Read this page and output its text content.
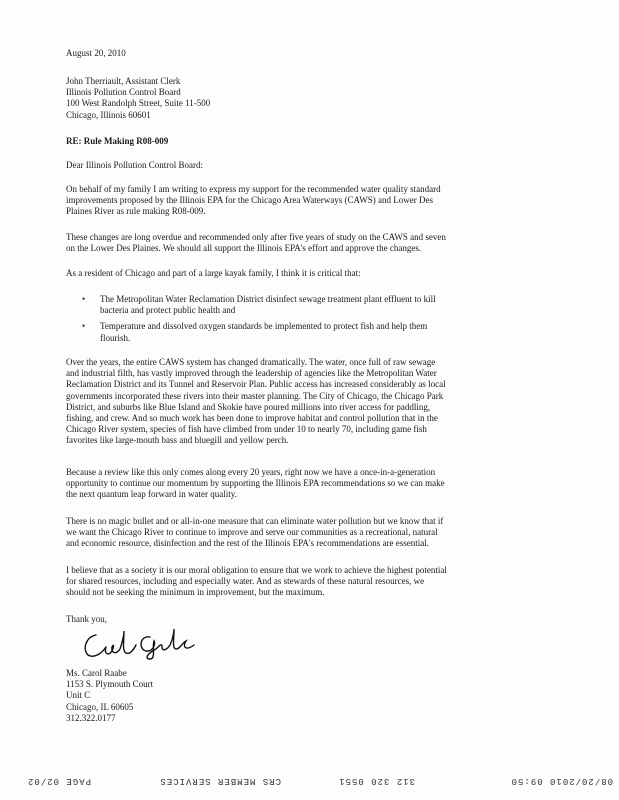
August 20, 2010
John Therriault, Assistant Clerk
Illinois Pollution Control Board
100 West Randolph Street, Suite 11-500
Chicago, Illinois 60601
RE: Rule Making R08-009
Dear Illinois Pollution Control Board:
On behalf of my family I am writing to express my support for the recommended water quality standard
improvements proposed by the Illinois EPA for the Chicago Area Waterways (CAWS) and Lower Des
Plaines River as rule making R08-009.
These changes are long overdue and recommended only after five years of study on the CAWS and seven
on the Lower Des Plaines. We should all support the Illinois EPA's effort and approve the changes.
As a resident of Chicago and part of a large kayak family, I think it is critical that:
• The Metropolitan Water Reclamation District disinfect sewage treatment plant effluent to kill
bacteria and protect public health and
• Temperature and dissolved oxygen standards be implemented to protect fish and help them
flourish.
Over the years, the entire CAWS system has changed dramatically. The water, once full of raw sewage
and industrial filth, has vastly improved through the leadership of agencies like the Metropolitan Water
Reclamation District and its Tunnel and Reservoir Plan. Public access has increased considerably as local
governments incorporated these rivers into their master planning. The City of Chicago, the Chicago Park
District, and suburbs like Blue Island and Skokie have poured millions into river access for paddling,
fishing, and crew. And so much work has been done to improve habitat and control pollution that in the
Chicago River system, species of fish have climbed from under 10 to nearly 70, including game fish
favorites like large-mouth bass and bluegill and yellow perch.
Because a review like this only comes along every 20 years, right now we have a once-in-a-generation
opportunity to continue our momentum by supporting the Illinois EPA recommendations so we can make
the next quantum leap forward in water quality.
There is no magic bullet and or all-in-one measure that can eliminate water pollution but we know that if
we want the Chicago River to continue to improve and serve our communities as a recreational, natural
and economic resource, disinfection and the rest of the Illinois EPA's recommendations are essential.
I believe that as a society it is our moral obligation to ensure that we work to achieve the highest potential
for shared resources, including and especially water. And as stewards of these natural resources, we
should not be seeking the minimum in improvement, but the maximum.
Thank you,
Ms. Carol Raabe
1153 S. Plymouth Court
Unit C
Chicago, IL 60605
312.322.0177
08/20/2010 09:50
312 320 0551
CRS MEMBER SERVICES
PAGE 02/02
